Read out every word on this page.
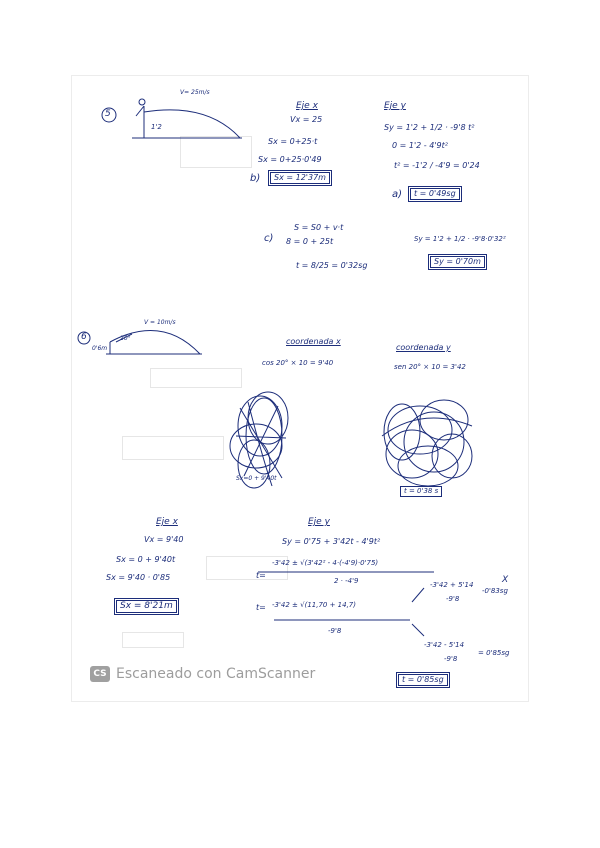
5
V= 25m/s
1'2
Eje x
Vx = 25
Sx = 0+25·t
Sx = 0+25·0'49
b)	Sx = 12'37m
Eje y
Sy = 1'2 + 1/2 · -9'8 t²
0 = 1'2 - 4'9t²
t² = -1'2 / -4'9 = 0'24
a)	t = 0'49sg
S = S0 + v·t
c) 8 = 0 + 25t
t = 8/25 = 0'32sg
Sy = 1'2 + 1/2 · -9'8·0'32²
Sy = 0'70m
6
V = 10m/s
0'6m
20°	coordenada x
cos 20° × 10 = 9'40
coordenada y
sen 20° × 10 = 3'42
Sx=0 + 9'40t
t = 0'38 s
Eje x
Vx = 9'40
Sx = 0 + 9'40t
Sx = 9'40 · 0'85
Sx = 8'21m
Eje y
Sy = 0'75 + 3'42t - 4'9t²
t=
-3'42 ± √(3'42² - 4·(-4'9)·0'75)
2 · -4'9
t= -3'42 ± √(11,70 + 14,7)
-9'8
-3'42 + 5'14
-9'8
-0'83sg
X
-3'42 - 5'14
-9'8
= 0'85sg
t = 0'85sg
CS Escaneado con CamScanner
